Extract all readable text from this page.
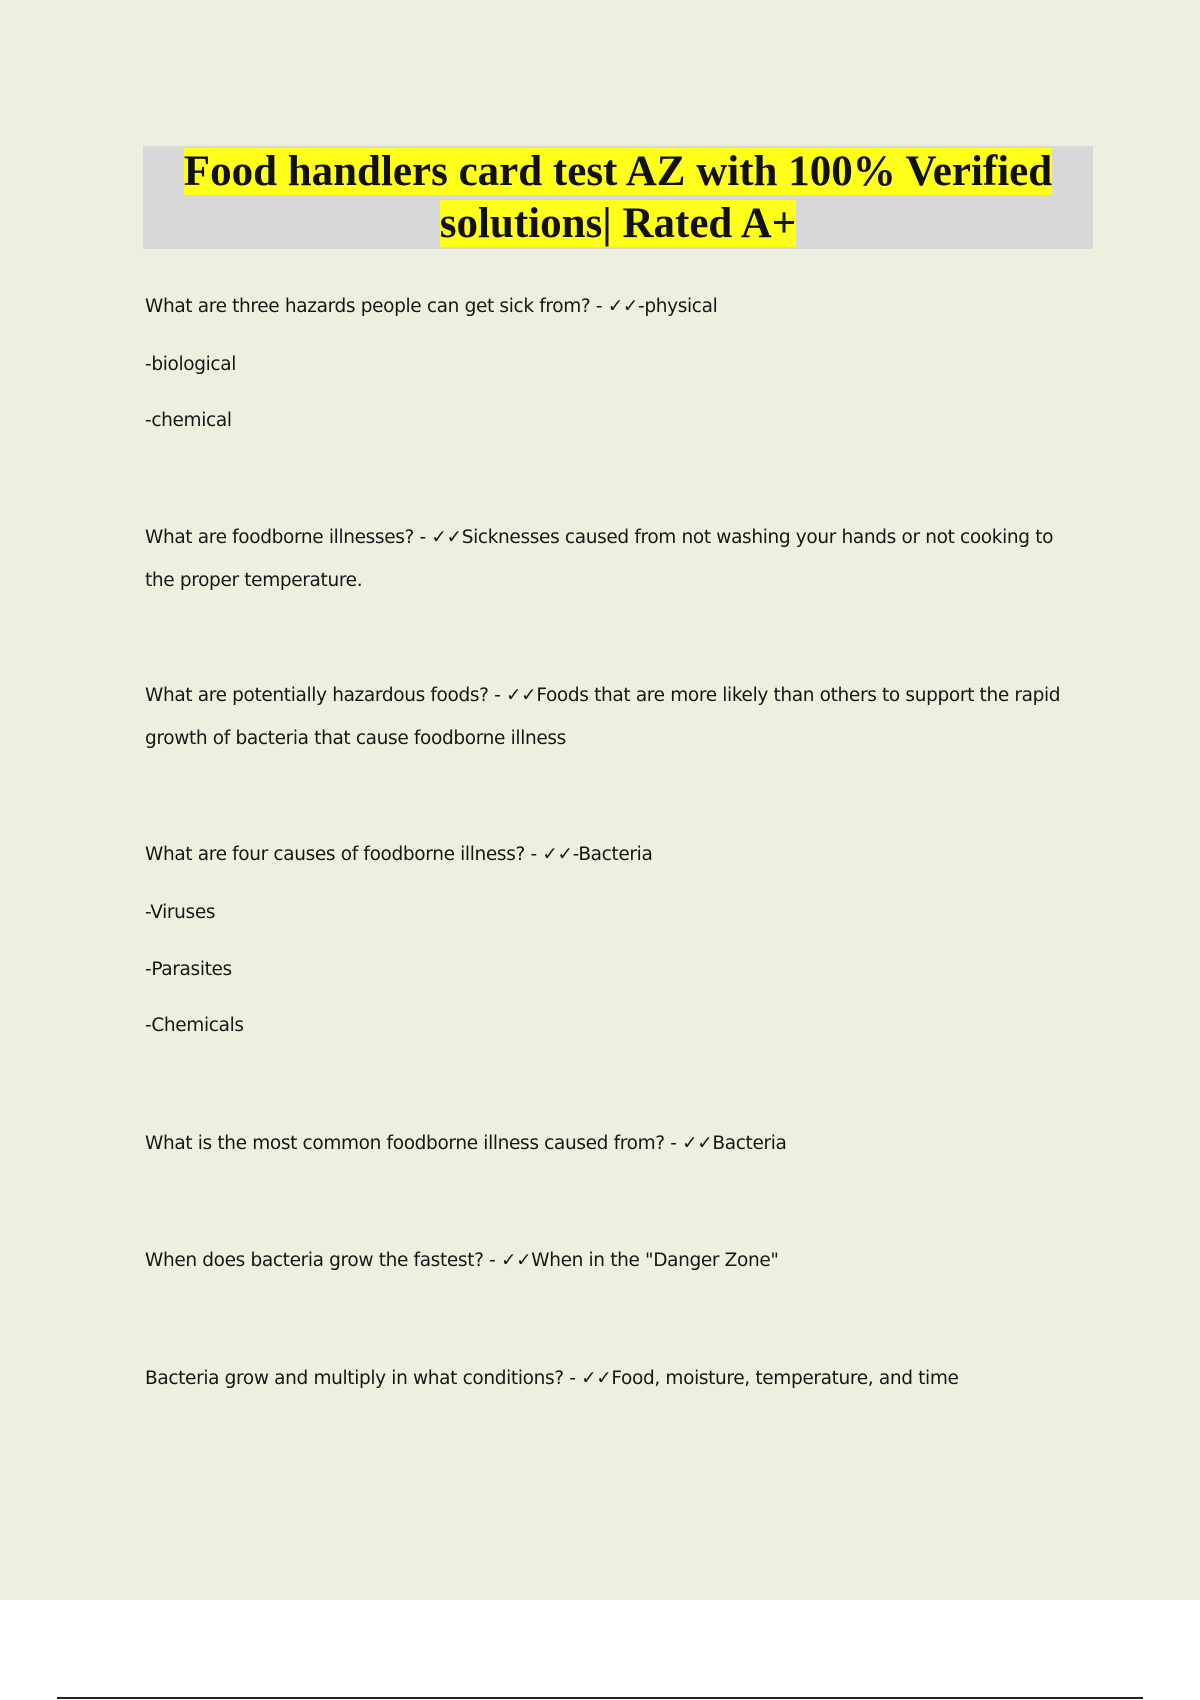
Food handlers card test AZ with 100% Verified
solutions| Rated A+
What are three hazards people can get sick from? - ✓✓-physical
-biological
-chemical
What are foodborne illnesses? - ✓✓Sicknesses caused from not washing your hands or not cooking to
the proper temperature.
What are potentially hazardous foods? - ✓✓Foods that are more likely than others to support the rapid
growth of bacteria that cause foodborne illness
What are four causes of foodborne illness? - ✓✓-Bacteria
-Viruses
-Parasites
-Chemicals
What is the most common foodborne illness caused from? - ✓✓Bacteria
When does bacteria grow the fastest? - ✓✓When in the "Danger Zone"
Bacteria grow and multiply in what conditions? - ✓✓Food, moisture, temperature, and time
